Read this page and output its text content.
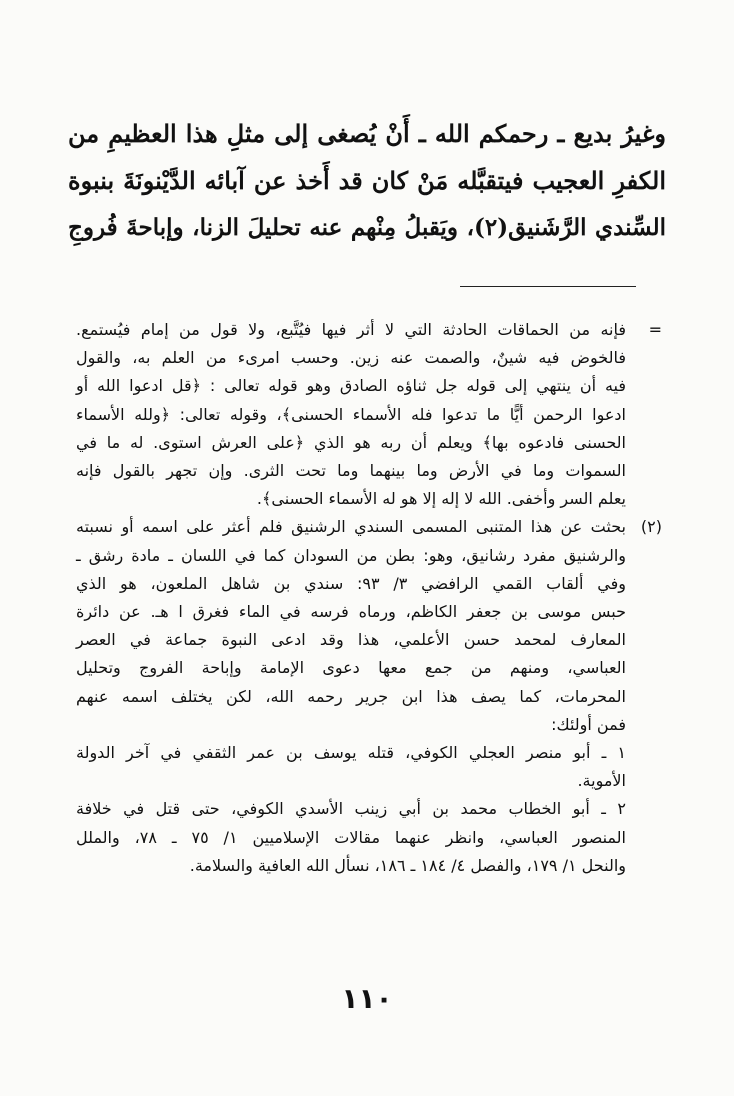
وغيرُ بديع ـ رحمكم الله ـ أَنْ يُصغى إلى مثلِ هذا العظيمِ من
الكفرِ العجيب فيتقبَّله مَنْ كان قد أَخذ عن آبائه الدَّيْنونَةَ بنبوة
السِّندي الرَّشَنيق(٢)، ويَقبلُ مِنْهم عنه تحليلَ الزنا، وإباحةَ فُروجِ
=
فإنه من الحماقات الحادثة التي لا أثر فيها فيُتَّبع، ولا قول من إمام فيُستمع.
فالخوض فيه شينٌ، والصمت عنه زين. وحسب امرىء من العلم به، والقول
فيه أن ينتهي إلى قوله جل ثناؤه الصادق وهو قوله تعالى : ﴿قل ادعوا الله أو
ادعوا الرحمن أيًّا ما تدعوا فله الأسماء الحسنى﴾، وقوله تعالى: ﴿ولله الأسماء
الحسنى فادعوه بها﴾ ويعلم أن ربه هو الذي ﴿على العرش استوى. له ما في
السموات وما في الأرض وما بينهما وما تحت الثرى. وإن تجهر بالقول فإنه
يعلم السر وأخفى. الله لا إله إلا هو له الأسماء الحسنى﴾.
(٢)
بحثت عن هذا المتنبى المسمى السندي الرشنيق فلم أعثر على اسمه أو نسبته
والرشنيق مفرد رشانيق، وهو: بطن من السودان كما في اللسان ـ مادة رشق ـ
وفي ألقاب القمي الرافضي ٣/ ٩٣: سندي بن شاهل الملعون، هو الذي
حبس موسى بن جعفر الكاظم، ورماه فرسه في الماء فغرق ا هـ. عن دائرة
المعارف لمحمد حسن الأعلمي، هذا وقد ادعى النبوة جماعة في العصر
العباسي، ومنهم من جمع معها دعوى الإمامة وإباحة الفروج وتحليل
المحرمات، كما يصف هذا ابن جرير رحمه الله، لكن يختلف اسمه عنهم
فمن أولئك:
١ ـ أبو منصر العجلي الكوفي، قتله يوسف بن عمر الثقفي في آخر الدولة
الأموية.
٢ ـ أبو الخطاب محمد بن أبي زينب الأسدي الكوفي، حتى قتل في خلافة
المنصور العباسي، وانظر عنهما مقالات الإسلاميين ١/ ٧٥ ـ ٧٨، والملل
والنحل ١/ ١٧٩، والفصل ٤/ ١٨٤ ـ ١٨٦، نسأل الله العافية والسلامة.
١١٠
